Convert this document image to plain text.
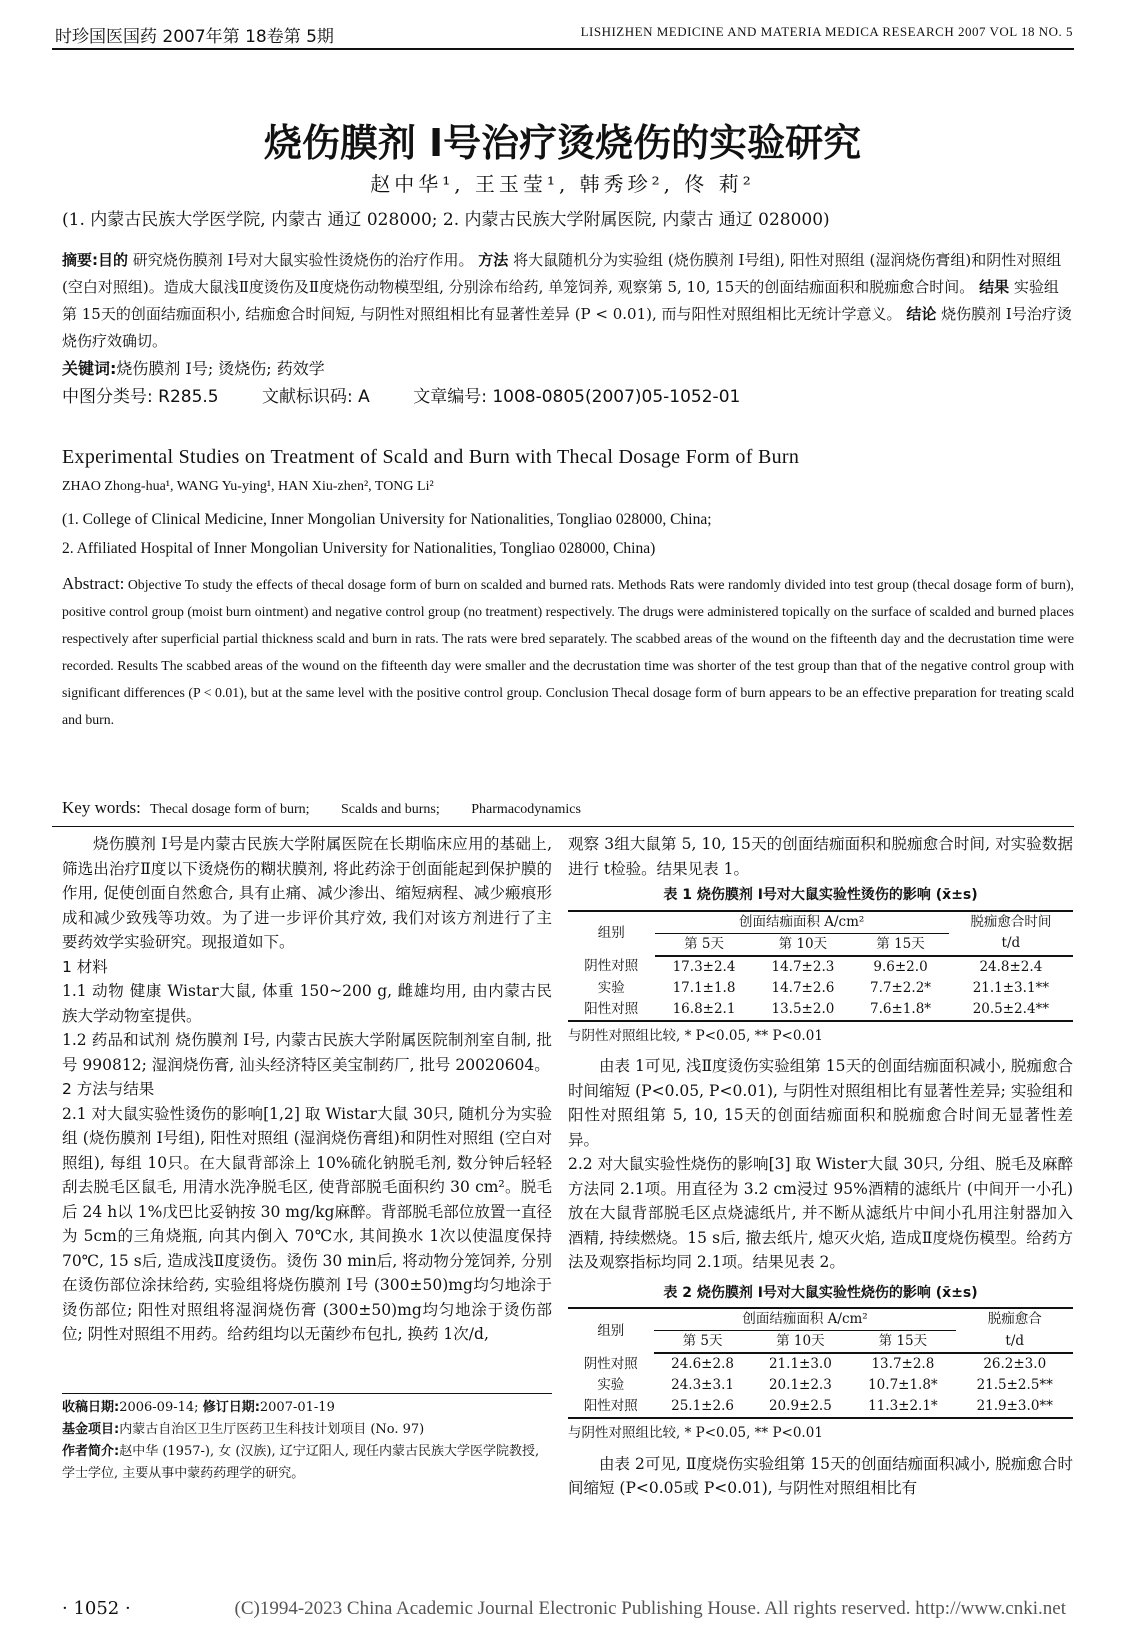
时珍国医国药 2007年第 18卷第 5期	LISHIZHEN MEDICINE AND MATERIA MEDICA RESEARCH 2007 VOL 18 NO. 5
烧伤膜剂 Ⅰ号治疗烫烧伤的实验研究
赵中华¹, 王玉莹¹, 韩秀珍², 佟 莉²
(1. 内蒙古民族大学医学院, 内蒙古 通辽 028000; 2. 内蒙古民族大学附属医院, 内蒙古 通辽 028000)
摘要:目的 研究烧伤膜剂 Ⅰ号对大鼠实验性烫烧伤的治疗作用。 方法 将大鼠随机分为实验组 (烧伤膜剂 Ⅰ号组), 阳性对照组 (湿润烧伤膏组)和阴性对照组 (空白对照组)。造成大鼠浅Ⅱ度烫伤及Ⅱ度烧伤动物模型组, 分别涂布给药, 单笼饲养, 观察第 5, 10, 15天的创面结痂面积和脱痂愈合时间。 结果 实验组第 15天的创面结痂面积小, 结痂愈合时间短, 与阴性对照组相比有显著性差异 (P < 0.01), 而与阳性对照组相比无统计学意义。 结论 烧伤膜剂 Ⅰ号治疗烫烧伤疗效确切。
关键词:烧伤膜剂 Ⅰ号; 烫烧伤; 药效学
中图分类号: R285.5	文献标识码: A	文章编号: 1008-0805(2007)05-1052-01
Experimental Studies on Treatment of Scald and Burn with Thecal Dosage Form of Burn
ZHAO Zhong-hua¹, WANG Yu-ying¹, HAN Xiu-zhen², TONG Li²
(1. College of Clinical Medicine, Inner Mongolian University for Nationalities, Tongliao 028000, China;
2. Affiliated Hospital of Inner Mongolian University for Nationalities, Tongliao 028000, China)
Abstract: Objective To study the effects of thecal dosage form of burn on scalded and burned rats. Methods Rats were randomly divided into test group (thecal dosage form of burn), positive control group (moist burn ointment) and negative control group (no treatment) respectively. The drugs were administered topically on the surface of scalded and burned places respectively after superficial partial thickness scald and burn in rats. The rats were bred separately. The scabbed areas of the wound on the fifteenth day and the decrustation time were recorded. Results The scabbed areas of the wound on the fifteenth day were smaller and the decrustation time was shorter of the test group than that of the negative control group with significant differences (P < 0.01), but at the same level with the positive control group. Conclusion Thecal dosage form of burn appears to be an effective preparation for treating scald and burn.
Key words: Thecal dosage form of burn; Scalds and burns; Pharmacodynamics

烧伤膜剂 Ⅰ号是内蒙古民族大学附属医院在长期临床应用的基础上, 筛选出治疗Ⅱ度以下烫烧伤的糊状膜剂, 将此药涂于创面能起到保护膜的作用, 促使创面自然愈合, 具有止痛、减少渗出、缩短病程、减少瘢痕形成和减少致残等功效。为了进一步评价其疗效, 我们对该方剂进行了主要药效学实验研究。现报道如下。

1 材料

1.1 动物 健康 Wistar大鼠, 体重 150~200 g, 雌雄均用, 由内蒙古民族大学动物室提供。

1.2 药品和试剂 烧伤膜剂 Ⅰ号, 内蒙古民族大学附属医院制剂室自制, 批号 990812; 湿润烧伤膏, 汕头经济特区美宝制药厂, 批号 20020604。

2 方法与结果

2.1 对大鼠实验性烫伤的影响[1,2] 取 Wistar大鼠 30只, 随机分为实验组 (烧伤膜剂 Ⅰ号组), 阳性对照组 (湿润烧伤膏组)和阴性对照组 (空白对照组), 每组 10只。在大鼠背部涂上 10%硫化钠脱毛剂, 数分钟后轻轻刮去脱毛区鼠毛, 用清水洗净脱毛区, 使背部脱毛面积约 30 cm²。脱毛后 24 h以 1%戊巴比妥钠按 30 mg/kg麻醉。背部脱毛部位放置一直径为 5cm的三角烧瓶, 向其内倒入 70℃水, 其间换水 1次以使温度保持 70℃, 15 s后, 造成浅Ⅱ度烫伤。烫伤 30 min后, 将动物分笼饲养, 分别在烫伤部位涂抹给药, 实验组将烧伤膜剂 Ⅰ号 (300±50)mg均匀地涂于烫伤部位; 阳性对照组将湿润烧伤膏 (300±50)mg均匀地涂于烫伤部位; 阴性对照组不用药。给药组均以无菌纱布包扎, 换药 1次/d,

观察 3组大鼠第 5, 10, 15天的创面结痂面积和脱痂愈合时间, 对实验数据进行 t检验。结果见表 1。

表 1 烧伤膜剂 Ⅰ号对大鼠实验性烫伤的影响 (x̄±s)
组别	创面结痂面积 A/cm²			脱痂愈合时间
	第 5天	第 10天	第 15天	t/d
阴性对照	17.3±2.4	14.7±2.3	9.6±2.0	24.8±2.4
实验	17.1±1.8	14.7±2.6	7.7±2.2*	21.1±3.1**
阳性对照	16.8±2.1	13.5±2.0	7.6±1.8*	20.5±2.4**
与阴性对照组比较, * P<0.05, ** P<0.01

由表 1可见, 浅Ⅱ度烫伤实验组第 15天的创面结痂面积减小, 脱痂愈合时间缩短 (P<0.05, P<0.01), 与阴性对照组相比有显著性差异; 实验组和阳性对照组第 5, 10, 15天的创面结痂面积和脱痂愈合时间无显著性差异。

2.2 对大鼠实验性烧伤的影响[3] 取 Wister大鼠 30只, 分组、脱毛及麻醉方法同 2.1项。用直径为 3.2 cm浸过 95%酒精的滤纸片 (中间开一小孔)放在大鼠背部脱毛区点烧滤纸片, 并不断从滤纸片中间小孔用注射器加入酒精, 持续燃烧。15 s后, 撤去纸片, 熄灭火焰, 造成Ⅱ度烧伤模型。给药方法及观察指标均同 2.1项。结果见表 2。

表 2 烧伤膜剂 Ⅰ号对大鼠实验性烧伤的影响 (x̄±s)
组别	创面结痂面积 A/cm²			脱痂愈合
	第 5天	第 10天	第 15天	t/d
阴性对照	24.6±2.8	21.1±3.0	13.7±2.8	26.2±3.0
实验	24.3±3.1	20.1±2.3	10.7±1.8*	21.5±2.5**
阳性对照	25.1±2.6	20.9±2.5	11.3±2.1*	21.9±3.0**
与阴性对照组比较, * P<0.05, ** P<0.01

由表 2可见, Ⅱ度烧伤实验组第 15天的创面结痂面积减小, 脱痂愈合时间缩短 (P<0.05或 P<0.01), 与阴性对照组相比有

收稿日期:2006-09-14; 修订日期:2007-01-19
基金项目:内蒙古自治区卫生厅医药卫生科技计划项目 (No. 97)
作者简介:赵中华 (1957-), 女 (汉族), 辽宁辽阳人, 现任内蒙古民族大学医学院教授, 学士学位, 主要从事中蒙药药理学的研究。
· 1052 ·	(C)1994-2023 China Academic Journal Electronic Publishing House. All rights reserved. http://www.cnki.net
